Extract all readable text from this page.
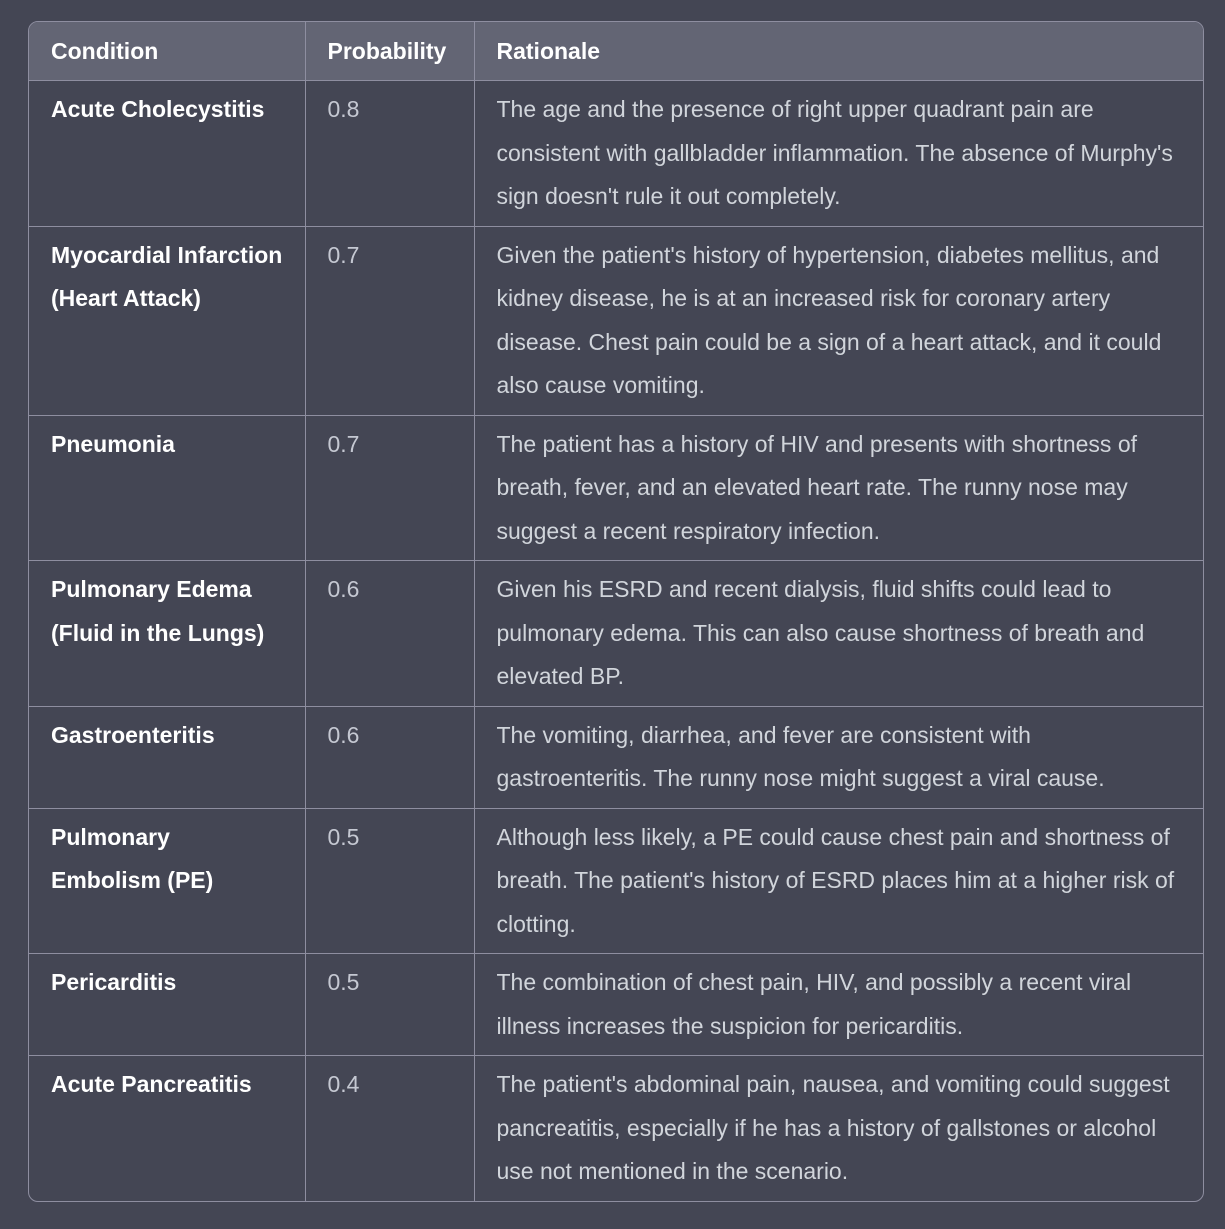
Condition	Probability	Rationale
Acute Cholecystitis	0.8	The age and the presence of right upper quadrant pain are consistent with gallbladder inflammation. The absence of Murphy's sign doesn't rule it out completely.
Myocardial Infarction (Heart Attack)	0.7	Given the patient's history of hypertension, diabetes mellitus, and kidney disease, he is at an increased risk for coronary artery disease. Chest pain could be a sign of a heart attack, and it could also cause vomiting.
Pneumonia	0.7	The patient has a history of HIV and presents with shortness of breath, fever, and an elevated heart rate. The runny nose may suggest a recent respiratory infection.
Pulmonary Edema (Fluid in the Lungs)	0.6	Given his ESRD and recent dialysis, fluid shifts could lead to pulmonary edema. This can also cause shortness of breath and elevated BP.
Gastroenteritis	0.6	The vomiting, diarrhea, and fever are consistent with gastroenteritis. The runny nose might suggest a viral cause.
Pulmonary Embolism (PE)	0.5	Although less likely, a PE could cause chest pain and shortness of breath. The patient's history of ESRD places him at a higher risk of clotting.
Pericarditis	0.5	The combination of chest pain, HIV, and possibly a recent viral illness increases the suspicion for pericarditis.
Acute Pancreatitis	0.4	The patient's abdominal pain, nausea, and vomiting could suggest pancreatitis, especially if he has a history of gallstones or alcohol use not mentioned in the scenario.
